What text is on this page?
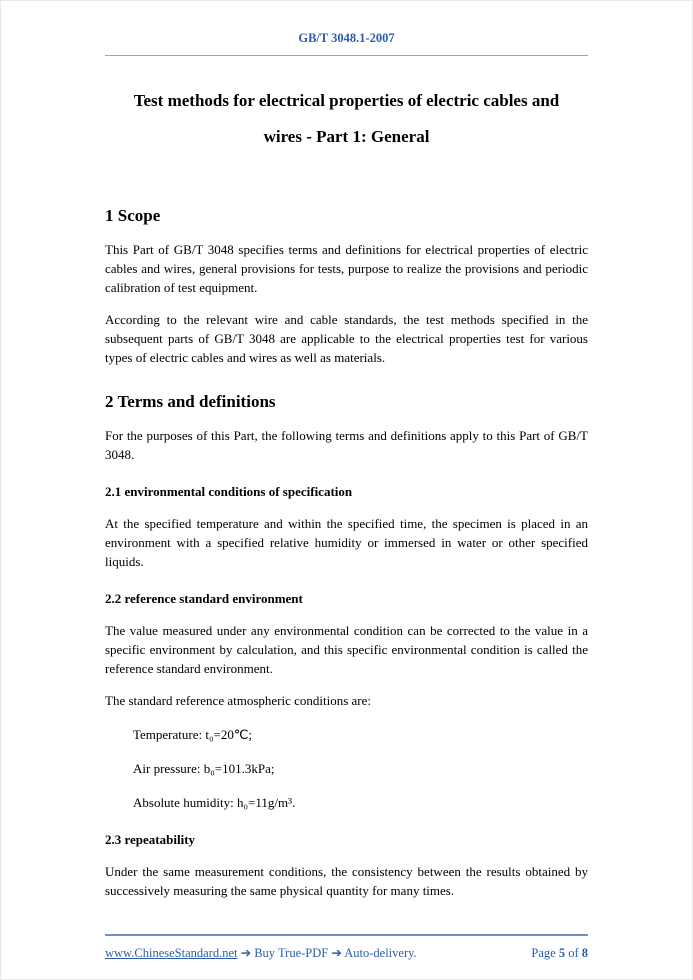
GB/T 3048.1-2007
Test methods for electrical properties of electric cables and
wires - Part 1: General
1 Scope

This Part of GB/T 3048 specifies terms and definitions for electrical properties of electric cables and wires, general provisions for tests, purpose to realize the provisions and periodic calibration of test equipment.

According to the relevant wire and cable standards, the test methods specified in the subsequent parts of GB/T 3048 are applicable to the electrical properties test for various types of electric cables and wires as well as materials.

2 Terms and definitions

For the purposes of this Part, the following terms and definitions apply to this Part of GB/T 3048.

2.1 environmental conditions of specification

At the specified temperature and within the specified time, the specimen is placed in an environment with a specified relative humidity or immersed in water or other specified liquids.

2.2 reference standard environment

The value measured under any environmental condition can be corrected to the value in a specific environment by calculation, and this specific environmental condition is called the reference standard environment.

The standard reference atmospheric conditions are:

Temperature: t₀=20℃;
Air pressure: b₀=101.3kPa;
Absolute humidity: h₀=11g/m³.
2.3 repeatability

Under the same measurement conditions, the consistency between the results obtained by successively measuring the same physical quantity for many times.

www.ChineseStandard.net ➔ Buy True-PDF ➔ Auto-delivery.	Page 5 of 8
